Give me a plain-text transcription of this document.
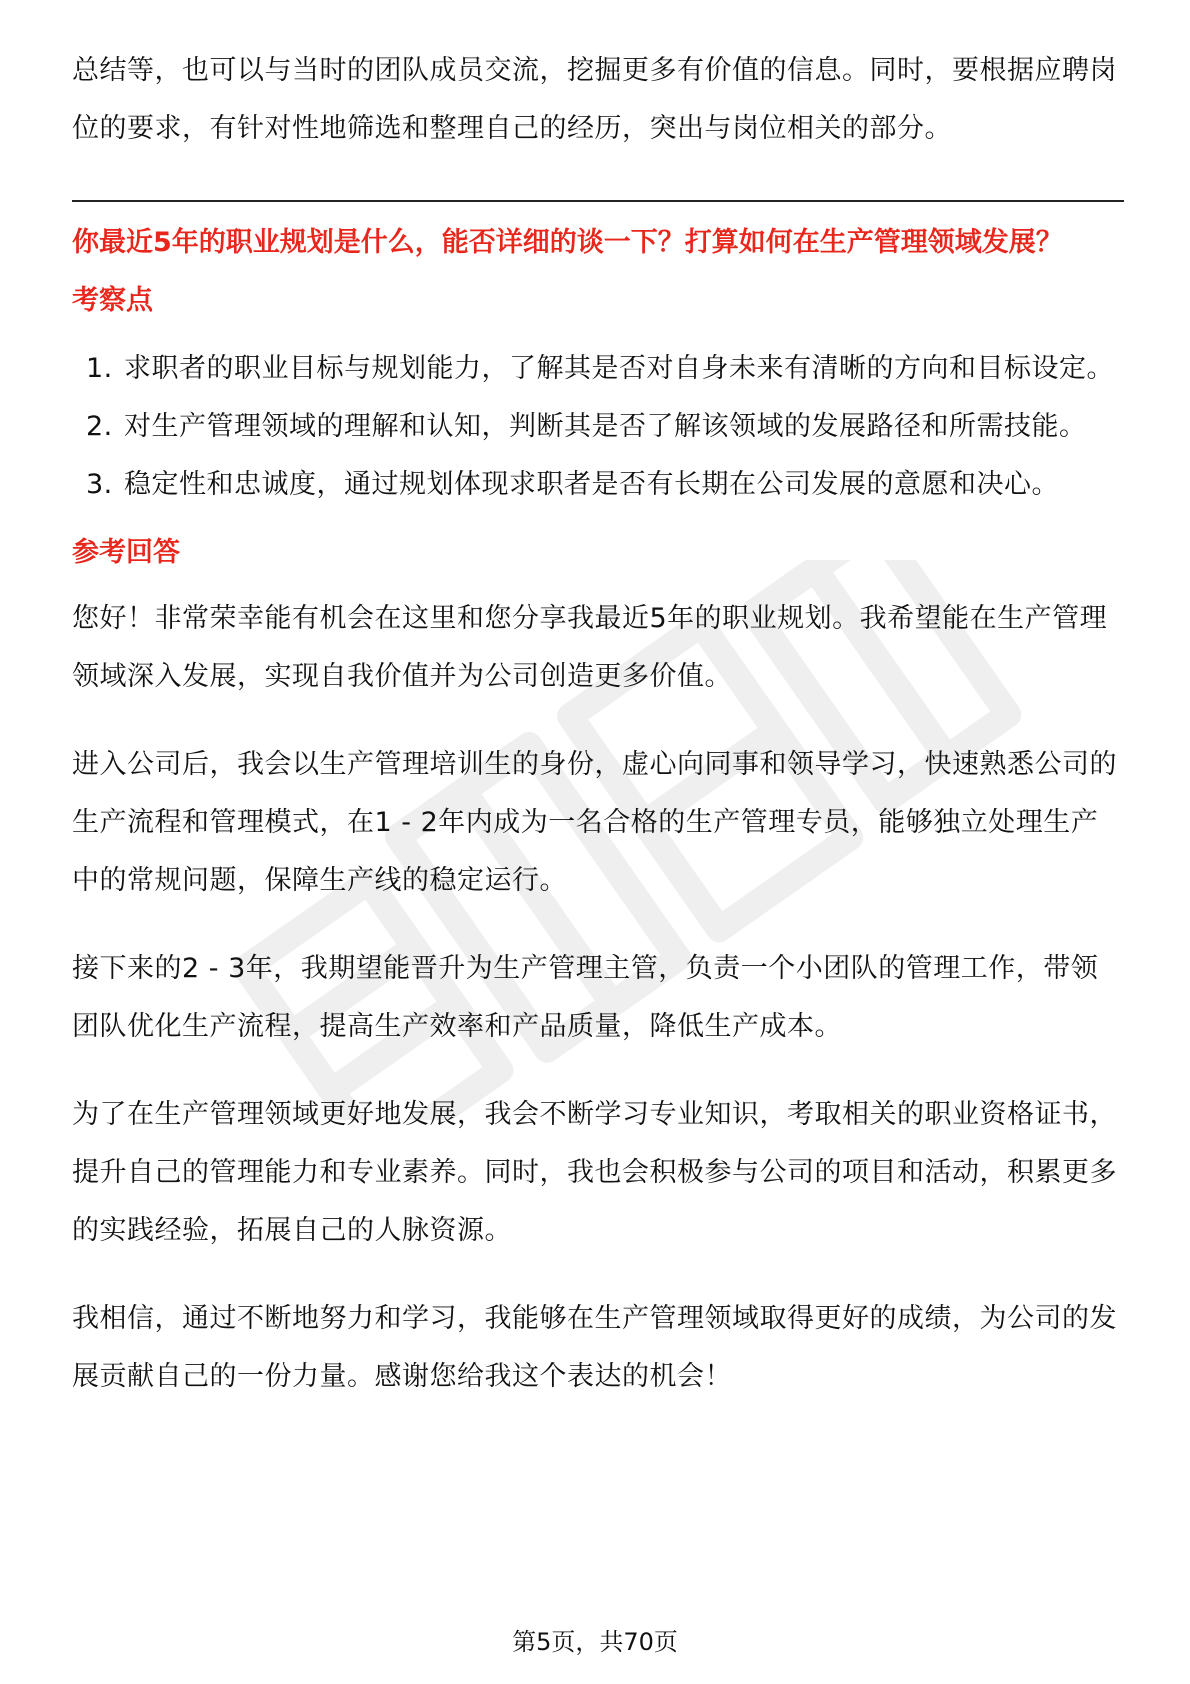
总结等，也可以与当时的团队成员交流，挖掘更多有价值的信息。同时，要根据应聘岗位的要求，有针对性地筛选和整理自己的经历，突出与岗位相关的部分。

你最近5年的职业规划是什么，能否详细的谈一下？打算如何在生产管理领域发展？

考察点
1. 求职者的职业目标与规划能力，了解其是否对自身未来有清晰的方向和目标设定。
2. 对生产管理领域的理解和认知，判断其是否了解该领域的发展路径和所需技能。
3. 稳定性和忠诚度，通过规划体现求职者是否有长期在公司发展的意愿和决心。
参考回答

您好！非常荣幸能有机会在这里和您分享我最近5年的职业规划。我希望能在生产管理领域深入发展，实现自我价值并为公司创造更多价值。

进入公司后，我会以生产管理培训生的身份，虚心向同事和领导学习，快速熟悉公司的生产流程和管理模式，在1 - 2年内成为一名合格的生产管理专员，能够独立处理生产中的常规问题，保障生产线的稳定运行。

接下来的2 - 3年，我期望能晋升为生产管理主管，负责一个小团队的管理工作，带领团队优化生产流程，提高生产效率和产品质量，降低生产成本。

为了在生产管理领域更好地发展，我会不断学习专业知识，考取相关的职业资格证书，提升自己的管理能力和专业素养。同时，我也会积极参与公司的项目和活动，积累更多的实践经验，拓展自己的人脉资源。

我相信，通过不断地努力和学习，我能够在生产管理领域取得更好的成绩，为公司的发展贡献自己的一份力量。感谢您给我这个表达的机会！

第5页，共70页
